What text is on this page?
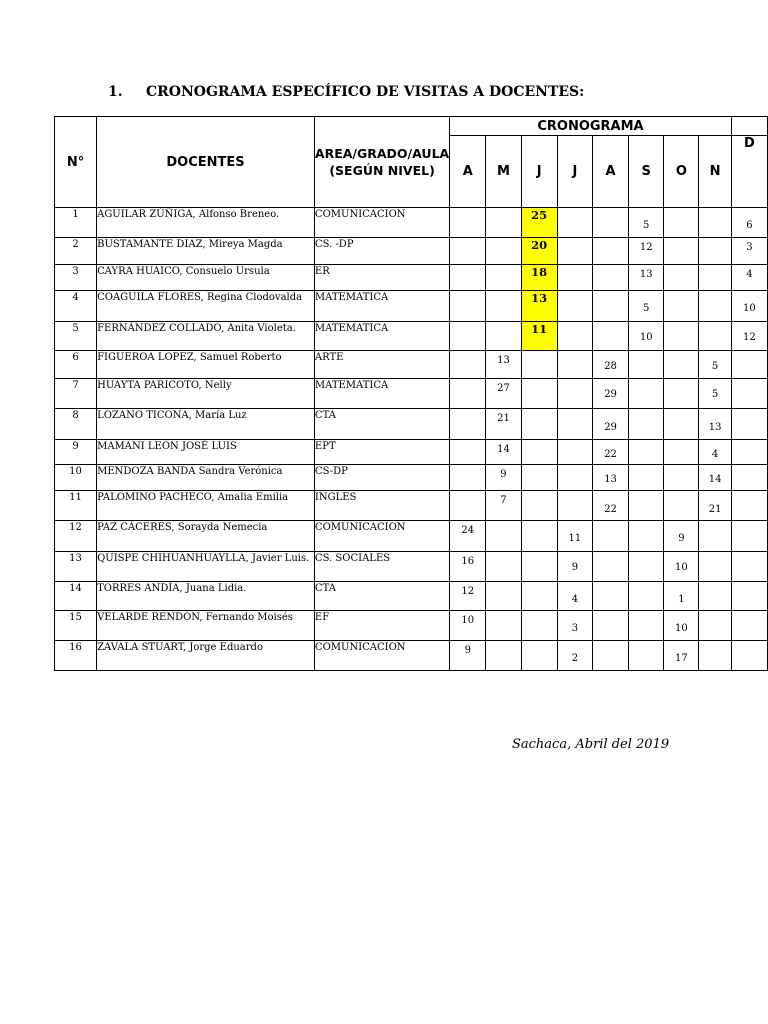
1. CRONOGRAMA ESPECÍFICO DE VISITAS A DOCENTES:
N°	DOCENTES	AREA/GRADO/AULA (SEGÚN NIVEL)	CRONOGRAMA								
			A	M	J	J	A	S	O	N	D
1	AGUILAR ZÚÑIGA, Alfonso Breneo.	COMUNICACION			25			5			6
2	BUSTAMANTE DIAZ, Mireya Magda	CS. -DP			20			12			3
3	CAYRA HUAICO, Consuelo Ursula	ER			18			13			4
4	COAGUILA FLORES, Regina Clodovalda	MATEMATICA			13			5			10
5	FERNÁNDEZ COLLADO, Anita Violeta.	MATEMATICA			11			10			12
6	FIGUEROA LOPEZ, Samuel Roberto	ARTE		13			28			5	
7	HUAYTA PARICOTO, Nelly	MATEMATICA		27			29			5	
8	LOZANO TICONA, María Luz	CTA		21			29			13	
9	MAMANI LEÓN JOSÉ LUIS	EPT		14			22			4	
10	MENDOZA BANDA Sandra Verónica	CS-DP		9			13			14	
11	PALOMINO PACHECO, Amalia Emilia	INGLES		7			22			21	
12	PAZ CÁCERES, Sorayda Nemecia	COMUNICACION	24			11			9		
13	QUISPE CHIHUANHUAYLLA, Javier Luis.	CS. SOCIALES	16			9			10		
14	TORRES ANDÍA, Juana Lidia.	CTA	12			4			1		
15	VELARDE RENDÓN, Fernando Moisés	EF	10			3			10		
16	ZAVALA STUART, Jorge Eduardo	COMUNICACION	9			2			17		
Sachaca, Abril del 2019
